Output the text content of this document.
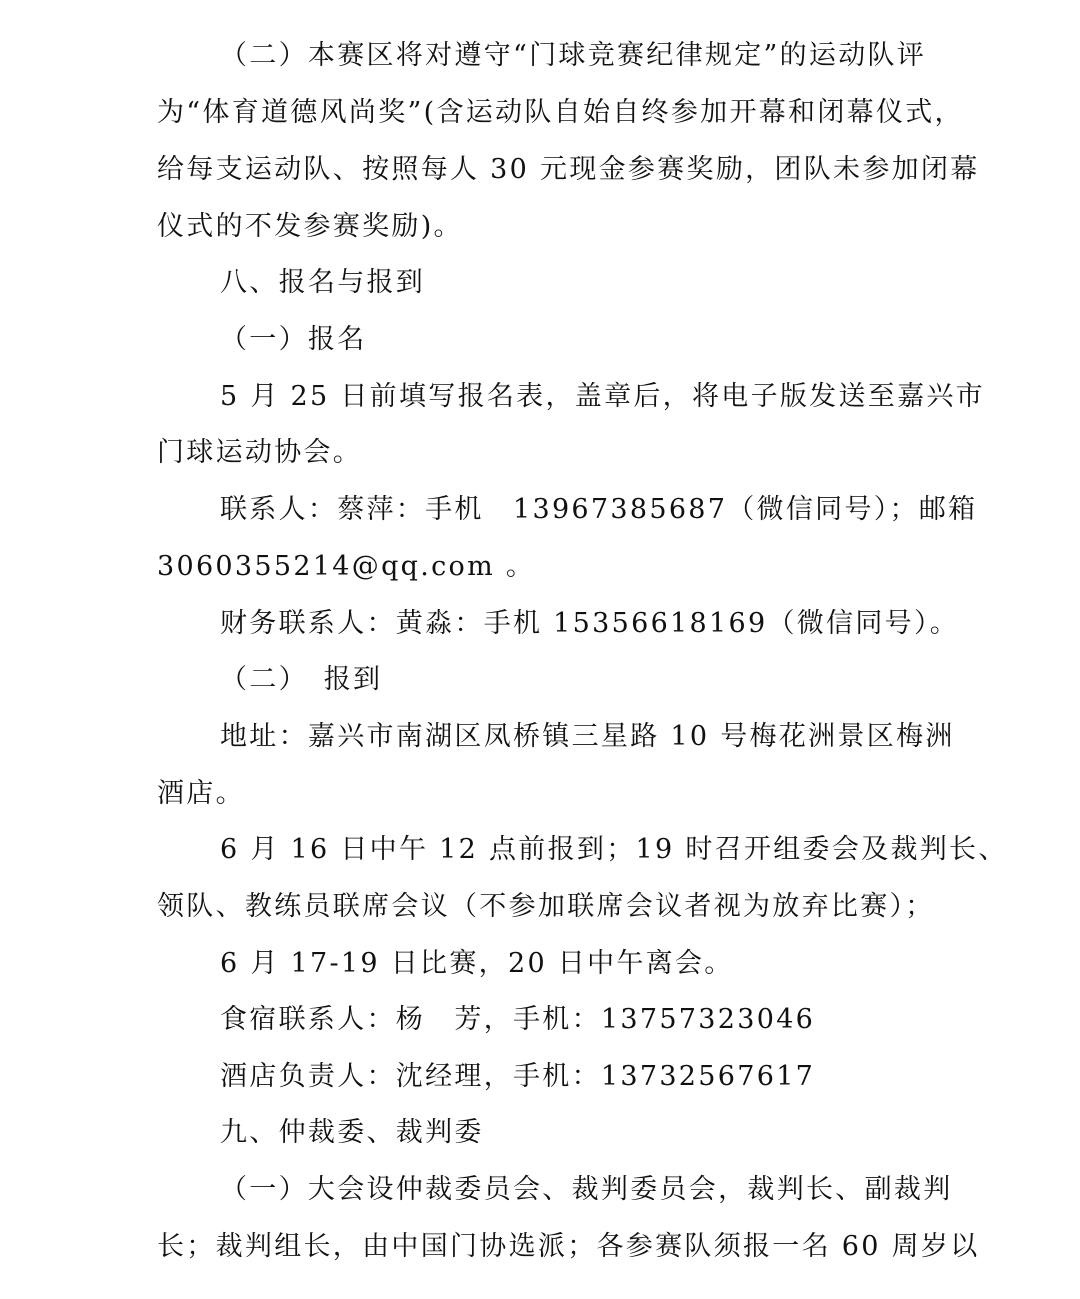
（二）本赛区将对遵守“门球竞赛纪律规定”的运动队评
为“体育道德风尚奖”(含运动队自始自终参加开幕和闭幕仪式，
给每支运动队、按照每人 30 元现金参赛奖励，团队未参加闭幕
仪式的不发参赛奖励)。
八、报名与报到
（一）报名
5 月 25 日前填写报名表，盖章后，将电子版发送至嘉兴市
门球运动协会。
联系人：蔡萍：手机　13967385687（微信同号）；邮箱
3060355214@qq.com 。
财务联系人：黄淼：手机 15356618169（微信同号）。
（二）　报到
地址：嘉兴市南湖区凤桥镇三星路 10 号梅花洲景区梅洲
酒店。
6 月 16 日中午 12 点前报到；19 时召开组委会及裁判长、
领队、教练员联席会议（不参加联席会议者视为放弃比赛）；
6 月 17-19 日比赛，20 日中午离会。
食宿联系人：杨　芳，手机：13757323046
酒店负责人：沈经理，手机：13732567617
九、仲裁委、裁判委
（一）大会设仲裁委员会、裁判委员会，裁判长、副裁判
长；裁判组长，由中国门协选派；各参赛队须报一名 60 周岁以
